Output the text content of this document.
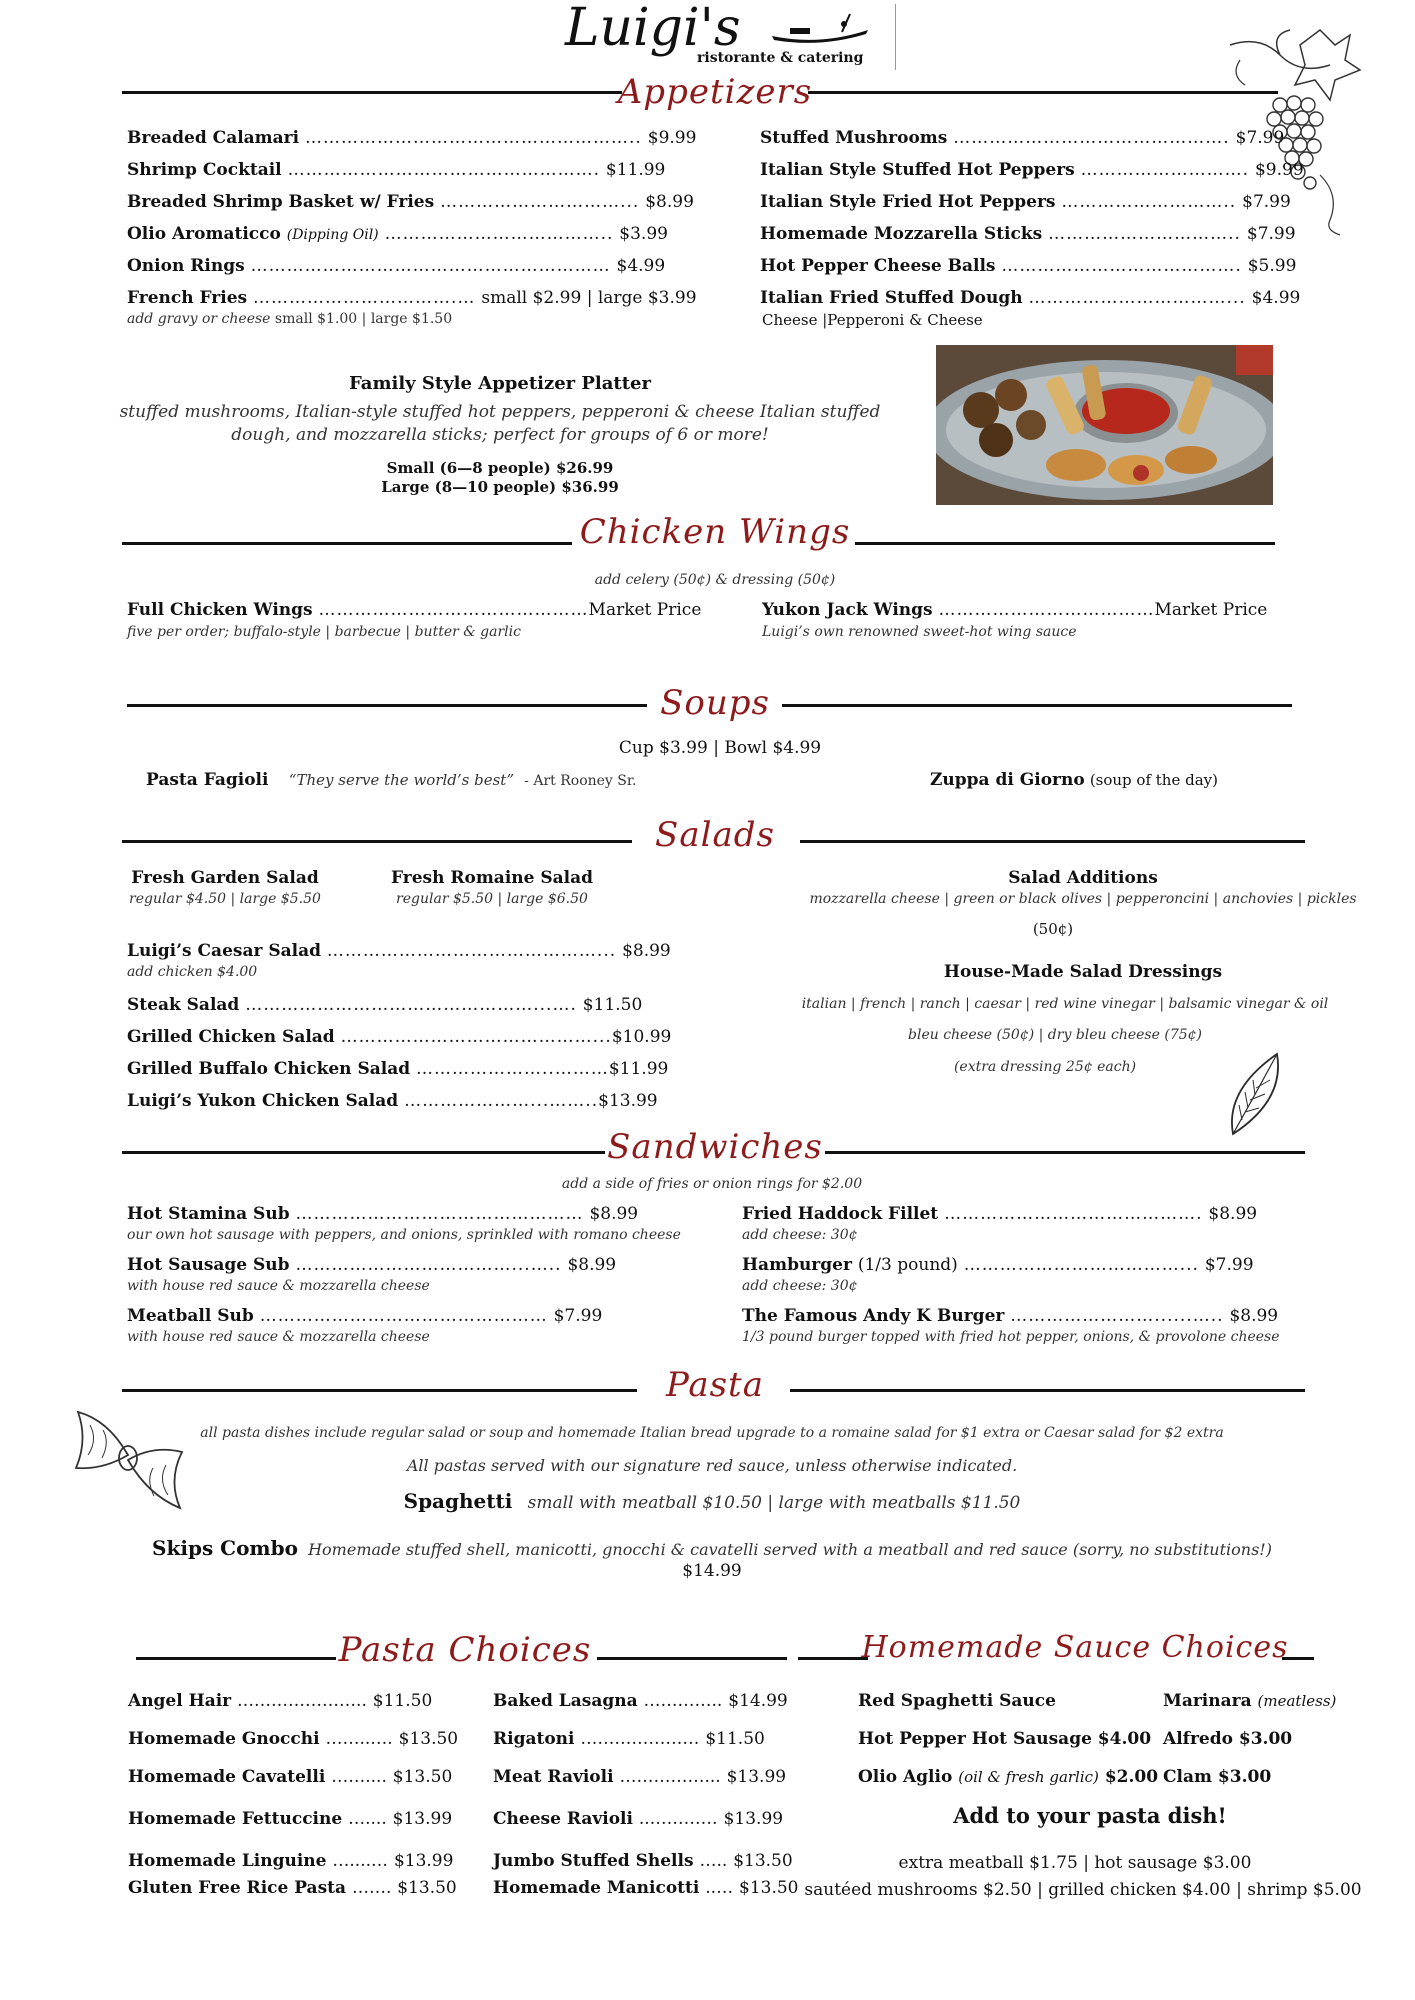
Luigi's
ristorante & catering
Appetizers
Breaded Calamari ……………………………………………….. $9.99
Shrimp Cocktail ……………………………………………. $11.99
Breaded Shrimp Basket w/ Fries …………………………... $8.99
Olio Aromaticco (Dipping Oil) ……………………………….. $3.99
Onion Rings …………………………………………………… $4.99
French Fries …………………………….… small $2.99 | large $3.99
add gravy or cheese small $1.00 | large $1.50
Stuffed Mushrooms ………………………………………. $7.99
Italian Style Stuffed Hot Peppers ………………………. $9.99
Italian Style Fried Hot Peppers ……………………….. $7.99
Homemade Mozzarella Sticks ………………………….. $7.99
Hot Pepper Cheese Balls …………………………………. $5.99
Italian Fried Stuffed Dough ……………………………... $4.99
Cheese |Pepperoni & Cheese
Family Style Appetizer Platter
stuffed mushrooms, Italian-style stuffed hot peppers, pepperoni & cheese Italian stuffed
dough, and mozzarella sticks; perfect for groups of 6 or more!
Small (6—8 people) $26.99
Large (8—10 people) $36.99
Chicken Wings
add celery (50¢) & dressing (50¢)
Full Chicken Wings ………………………………………Market Price
five per order; buffalo-style | barbecue | butter & garlic
Yukon Jack Wings ………………………………Market Price
Luigi’s own renowned sweet-hot wing sauce
Soups
Cup $3.99 | Bowl $4.99
Pasta Fagioli “They serve the world’s best” - Art Rooney Sr.	Zuppa di Giorno (soup of the day)
Salads
Fresh Garden Salad
regular $4.50 | large $5.50
Fresh Romaine Salad
regular $5.50 | large $6.50
Luigi’s Caesar Salad ………………………………………... $8.99
add chicken $4.00
Steak Salad …………………………………………...…. $11.50
Grilled Chicken Salad ……………………………………...$10.99
Grilled Buffalo Chicken Salad …………………..………$11.99
Luigi’s Yukon Chicken Salad …………………...……..$13.99
Salad Additions
mozzarella cheese | green or black olives | pepperoncini | anchovies | pickles
(50¢)
House-Made Salad Dressings
italian | french | ranch | caesar | red wine vinegar | balsamic vinegar & oil
bleu cheese (50¢) | dry bleu cheese (75¢)
(extra dressing 25¢ each)
Sandwiches
add a side of fries or onion rings for $2.00
Hot Stamina Sub ………………………………………… $8.99
our own hot sausage with peppers, and onions, sprinkled with romano cheese
Hot Sausage Sub ………………………………...….. $8.99
with house red sauce & mozzarella cheese
Meatball Sub ………………………………………… $7.99
with house red sauce & mozzarella cheese
Fried Haddock Fillet ……………………………………. $8.99
add cheese: 30¢
Hamburger (1/3 pound) ………………………………... $7.99
add cheese: 30¢
The Famous Andy K Burger ……………………......….. $8.99
1/3 pound burger topped with fried hot pepper, onions, & provolone cheese
Pasta
all pasta dishes include regular salad or soup and homemade Italian bread upgrade to a romaine salad for $1 extra or Caesar salad for $2 extra
All pastas served with our signature red sauce, unless otherwise indicated.
Spaghetti small with meatball $10.50 | large with meatballs $11.50
Skips Combo Homemade stuffed shell, manicotti, gnocchi & cavatelli served with a meatball and red sauce (sorry, no substitutions!)
$14.99
Pasta Choices	Homemade Sauce Choices
Angel Hair ………………….. $11.50
Homemade Gnocchi ……..…. $13.50
Homemade Cavatelli …….... $13.50
Homemade Fettuccine ….... $13.99
Homemade Linguine …....… $13.99
Gluten Free Rice Pasta ……. $13.50
Baked Lasagna ………….. $14.99
Rigatoni ………………… $11.50
Meat Ravioli ……………... $13.99
Cheese Ravioli ..………… $13.99
Jumbo Stuffed Shells ….. $13.50
Homemade Manicotti ..… $13.50
Red Spaghetti Sauce	Marinara (meatless)
Hot Pepper Hot Sausage $4.00 Alfredo $3.00
Olio Aglio (oil & fresh garlic) $2.00 Clam $3.00
Add to your pasta dish!
extra meatball $1.75 | hot sausage $3.00
sautéed mushrooms $2.50 | grilled chicken $4.00 | shrimp $5.00
